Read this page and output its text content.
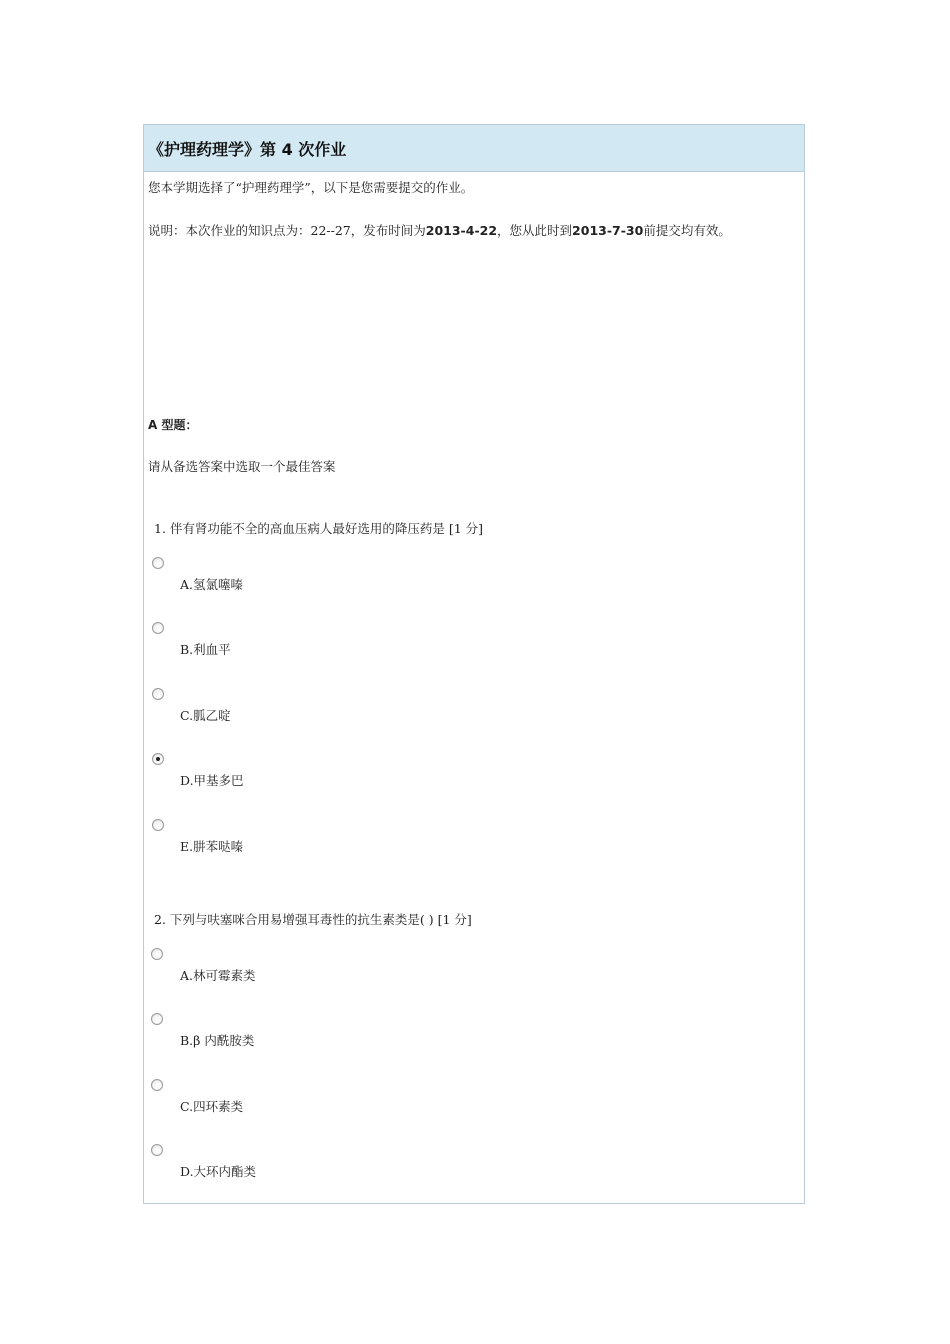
《护理药理学》第 4 次作业
您本学期选择了“护理药理学”，以下是您需要提交的作业。
说明：本次作业的知识点为：22--27，发布时间为2013-4-22，您从此时到2013-7-30前提交均有效。
A 型题：
请从备选答案中选取一个最佳答案
1. 伴有肾功能不全的高血压病人最好选用的降压药是 [1 分]
A.氢氯噻嗪
B.利血平
C.胍乙啶
D.甲基多巴
E.肼苯哒嗪
2. 下列与呋塞咪合用易增强耳毒性的抗生素类是( ) [1 分]
A.林可霉素类
B.β 内酰胺类
C.四环素类
D.大环内酯类
